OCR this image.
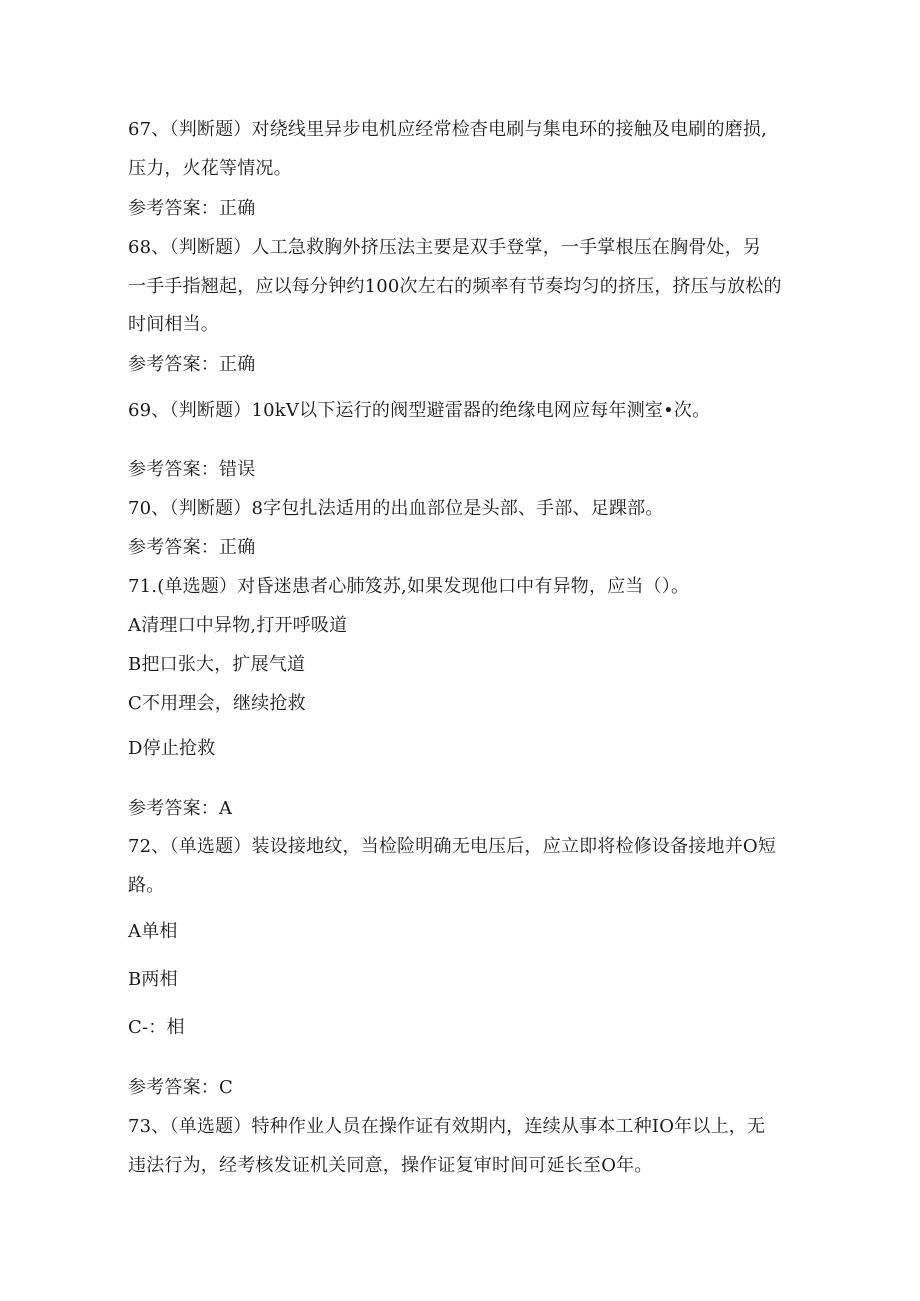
67、（判断题）对绕线里异步电机应经常检杳电刷与集电环的接触及电刷的磨损,
压力，火花等情况。
参考答案：正确
68、（判断题）人工急救胸外挤压法主要是双手登掌，一手掌根压在胸骨处，另
一手手指翘起，应以每分钟约100次左右的频率有节奏均匀的挤压，挤压与放松的
时间相当。
参考答案：正确
69、（判断题）10kV以下运行的阀型避雷器的绝缘电网应每年测室•次。
参考答案：错误
70、（判断题）8字包扎法适用的出血部位是头部、手部、足踝部。
参考答案：正确
71.(单选题）对昏迷患者心肺笈苏,如果发现他口中有异物，应当（）。
A清理口中异物,打开呼吸道
B把口张大，扩展气道
C不用理会，继续抢救
D停止抢救
参考答案：A
72、（单选题）装设接地纹，当检险明确无电压后，应立即将检修设备接地并O短
路。
A单相
B两相
C-：相
参考答案：C
73、（单选题）特种作业人员在操作证有效期内，连续从事本工种IO年以上，无
违法行为，经考核发证机关同意，操作证复审时间可延长至O年。
